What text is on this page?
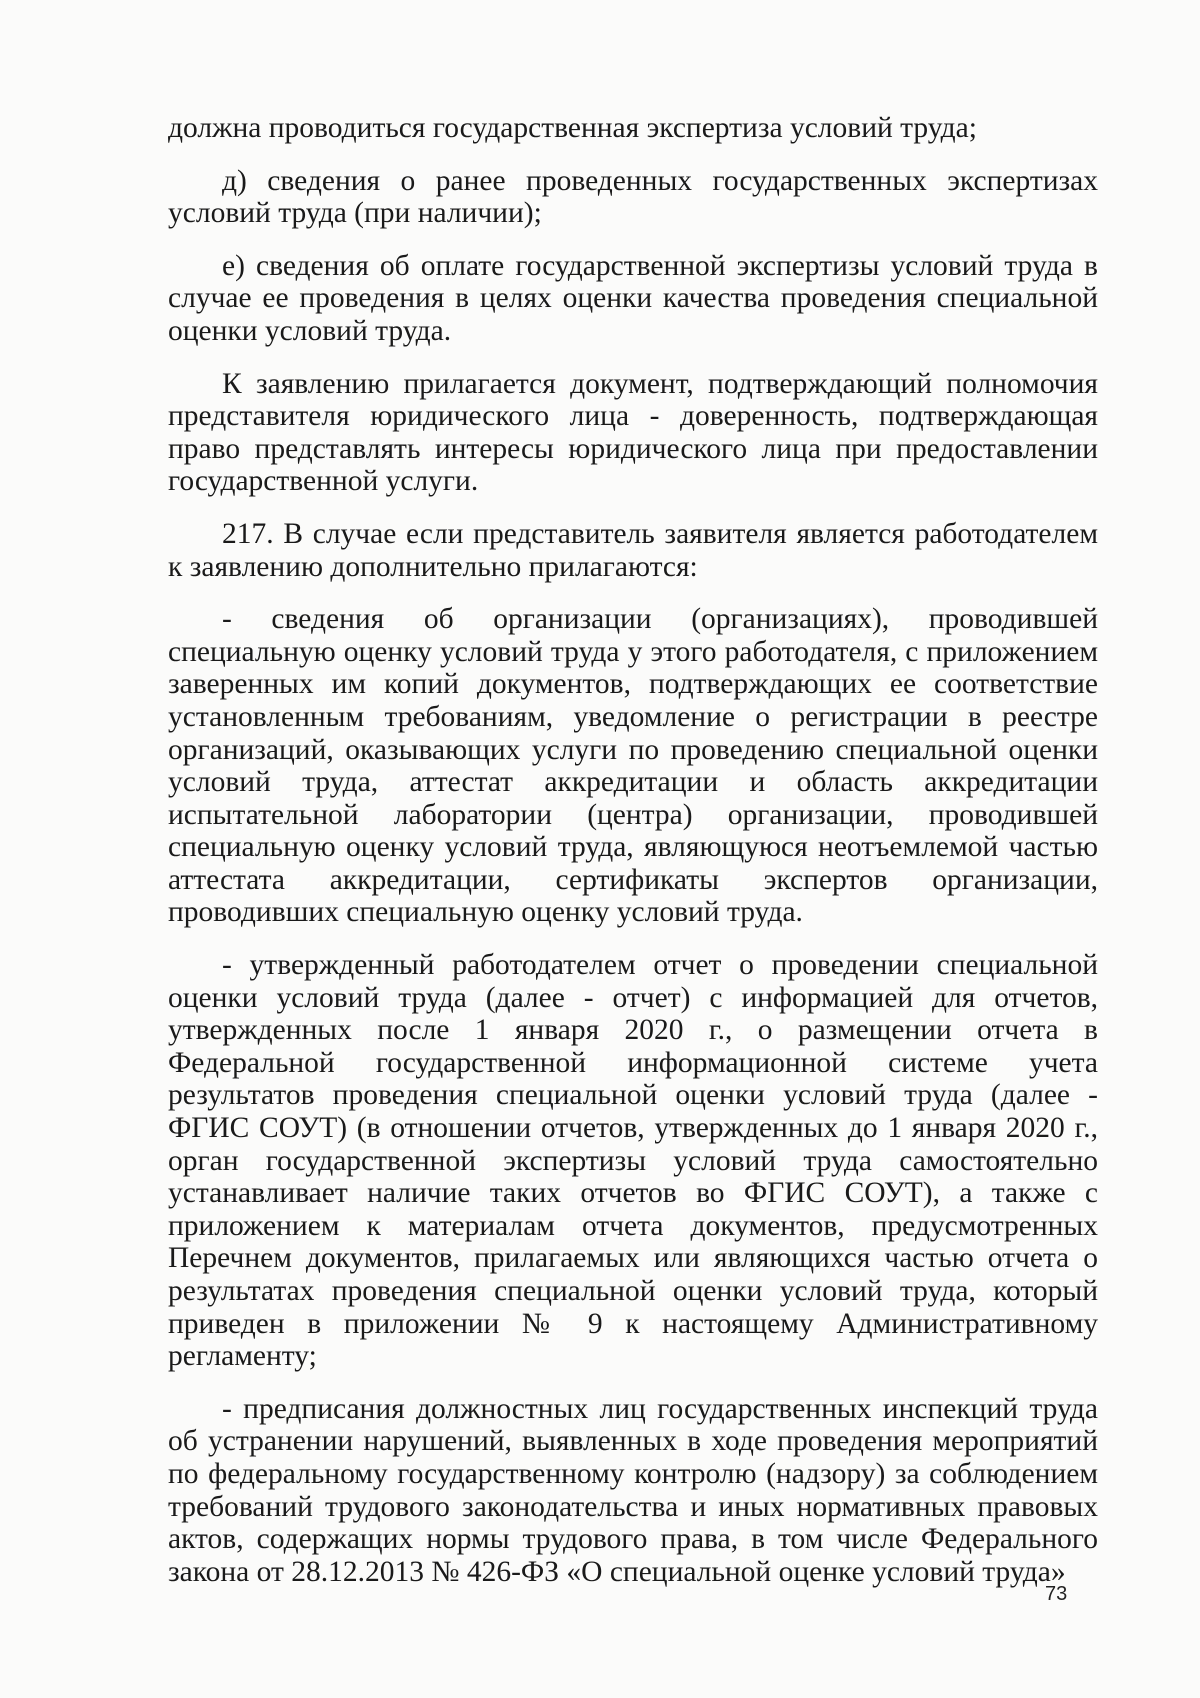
должна проводиться государственная экспертиза условий труда;

д) сведения о ранее проведенных государственных экспертизах условий труда (при наличии);

е) сведения об оплате государственной экспертизы условий труда в случае ее проведения в целях оценки качества проведения специальной оценки условий труда.

К заявлению прилагается документ, подтверждающий полномочия представителя юридического лица - доверенность, подтверждающая право представлять интересы юридического лица при предоставлении государственной услуги.

217. В случае если представитель заявителя является работодателем к заявлению дополнительно прилагаются:

- сведения об организации (организациях), проводившей специальную оценку условий труда у этого работодателя, с приложением заверенных им копий документов, подтверждающих ее соответствие установленным требованиям, уведомление о регистрации в реестре организаций, оказывающих услуги по проведению специальной оценки условий труда, аттестат аккредитации и область аккредитации испытательной лаборатории (центра) организации, проводившей специальную оценку условий труда, являющуюся неотъемлемой частью аттестата аккредитации, сертификаты экспертов организации, проводивших специальную оценку условий труда.

- утвержденный работодателем отчет о проведении специальной оценки условий труда (далее - отчет) с информацией для отчетов, утвержденных после 1 января 2020 г., о размещении отчета в Федеральной государственной информационной системе учета результатов проведения специальной оценки условий труда (далее - ФГИС СОУТ) (в отношении отчетов, утвержденных до 1 января 2020 г., орган государственной экспертизы условий труда самостоятельно устанавливает наличие таких отчетов во ФГИС СОУТ), а также с приложением к материалам отчета документов, предусмотренных Перечнем документов, прилагаемых или являющихся частью отчета о результатах проведения специальной оценки условий труда, который приведен в приложении № 9 к настоящему Административному регламенту;

- предписания должностных лиц государственных инспекций труда об устранении нарушений, выявленных в ходе проведения мероприятий по федеральному государственному контролю (надзору) за соблюдением требований трудового законодательства и иных нормативных правовых актов, содержащих нормы трудового права, в том числе Федерального закона от 28.12.2013 № 426-ФЗ «О специальной оценке условий труда»

73
